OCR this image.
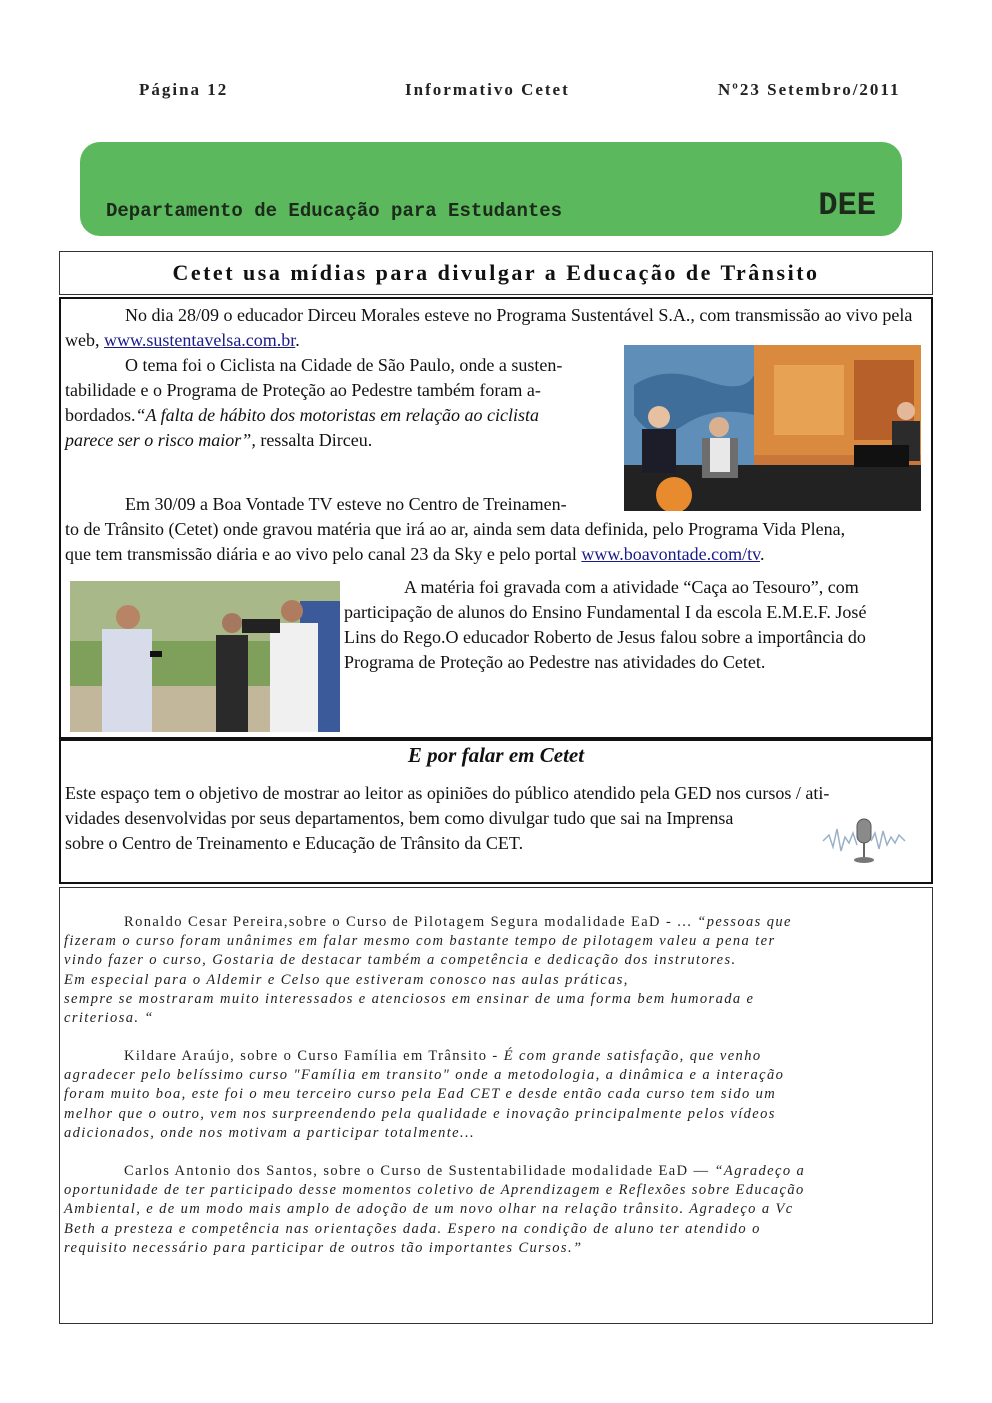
Página 12	Informativo Cetet	Nº23 Setembro/2011
Departamento de Educação para Estudantes	DEE
Cetet usa mídias para divulgar a Educação de Trânsito
No dia 28/09 o educador Dirceu Morales esteve no Programa Sustentável S.A., com transmissão ao vivo pela web, www.sustentavelsa.com.br.
O tema foi o Ciclista na Cidade de São Paulo, onde a susten-
tabilidade e o Programa de Proteção ao Pedestre também foram a-
bordados.“A falta de hábito dos motoristas em relação ao ciclista
parece ser o risco maior”, ressalta Dirceu.
Em 30/09 a Boa Vontade TV esteve no Centro de Treinamen-
to de Trânsito (Cetet) onde gravou matéria que irá ao ar, ainda sem data definida, pelo Programa Vida Plena,
que tem transmissão diária e ao vivo pelo canal 23 da Sky e pelo portal www.boavontade.com/tv.
A matéria foi gravada com a atividade “Caça ao Tesouro”, com
participação de alunos do Ensino Fundamental I da escola E.M.E.F. José
Lins do Rego.O educador Roberto de Jesus falou sobre a importância do
Programa de Proteção ao Pedestre nas atividades do Cetet.
E por falar em Cetet
Este espaço tem o objetivo de mostrar ao leitor as opiniões do público atendido pela GED nos cursos / ati-
vidades desenvolvidas por seus departamentos, bem como divulgar tudo que sai na Imprensa
sobre o Centro de Treinamento e Educação de Trânsito da CET.
Ronaldo Cesar Pereira,sobre o Curso de Pilotagem Segura modalidade EaD - ... “pessoas que
fizeram o curso foram unânimes em falar mesmo com bastante tempo de pilotagem valeu a pena ter
vindo fazer o curso, Gostaria de destacar também a competência e dedicação dos instrutores.
Em especial para o Aldemir e Celso que estiveram conosco nas aulas práticas,
sempre se mostraram muito interessados e atenciosos em ensinar de uma forma bem humorada e
criteriosa. “
Kildare Araújo, sobre o Curso Família em Trânsito - É com grande satisfação, que venho
agradecer pelo belíssimo curso "Família em transito" onde a metodologia, a dinâmica e a interação
foram muito boa, este foi o meu terceiro curso pela Ead CET e desde então cada curso tem sido um
melhor que o outro, vem nos surpreendendo pela qualidade e inovação principalmente pelos vídeos
adicionados, onde nos motivam a participar totalmente...
Carlos Antonio dos Santos, sobre o Curso de Sustentabilidade modalidade EaD — “Agradeço a
oportunidade de ter participado desse momentos coletivo de Aprendizagem e Reflexões sobre Educação
Ambiental, e de um modo mais amplo de adoção de um novo olhar na relação trânsito. Agradeço a Vc
Beth a presteza e competência nas orientações dada. Espero na condição de aluno ter atendido o
requisito necessário para participar de outros tão importantes Cursos.”
